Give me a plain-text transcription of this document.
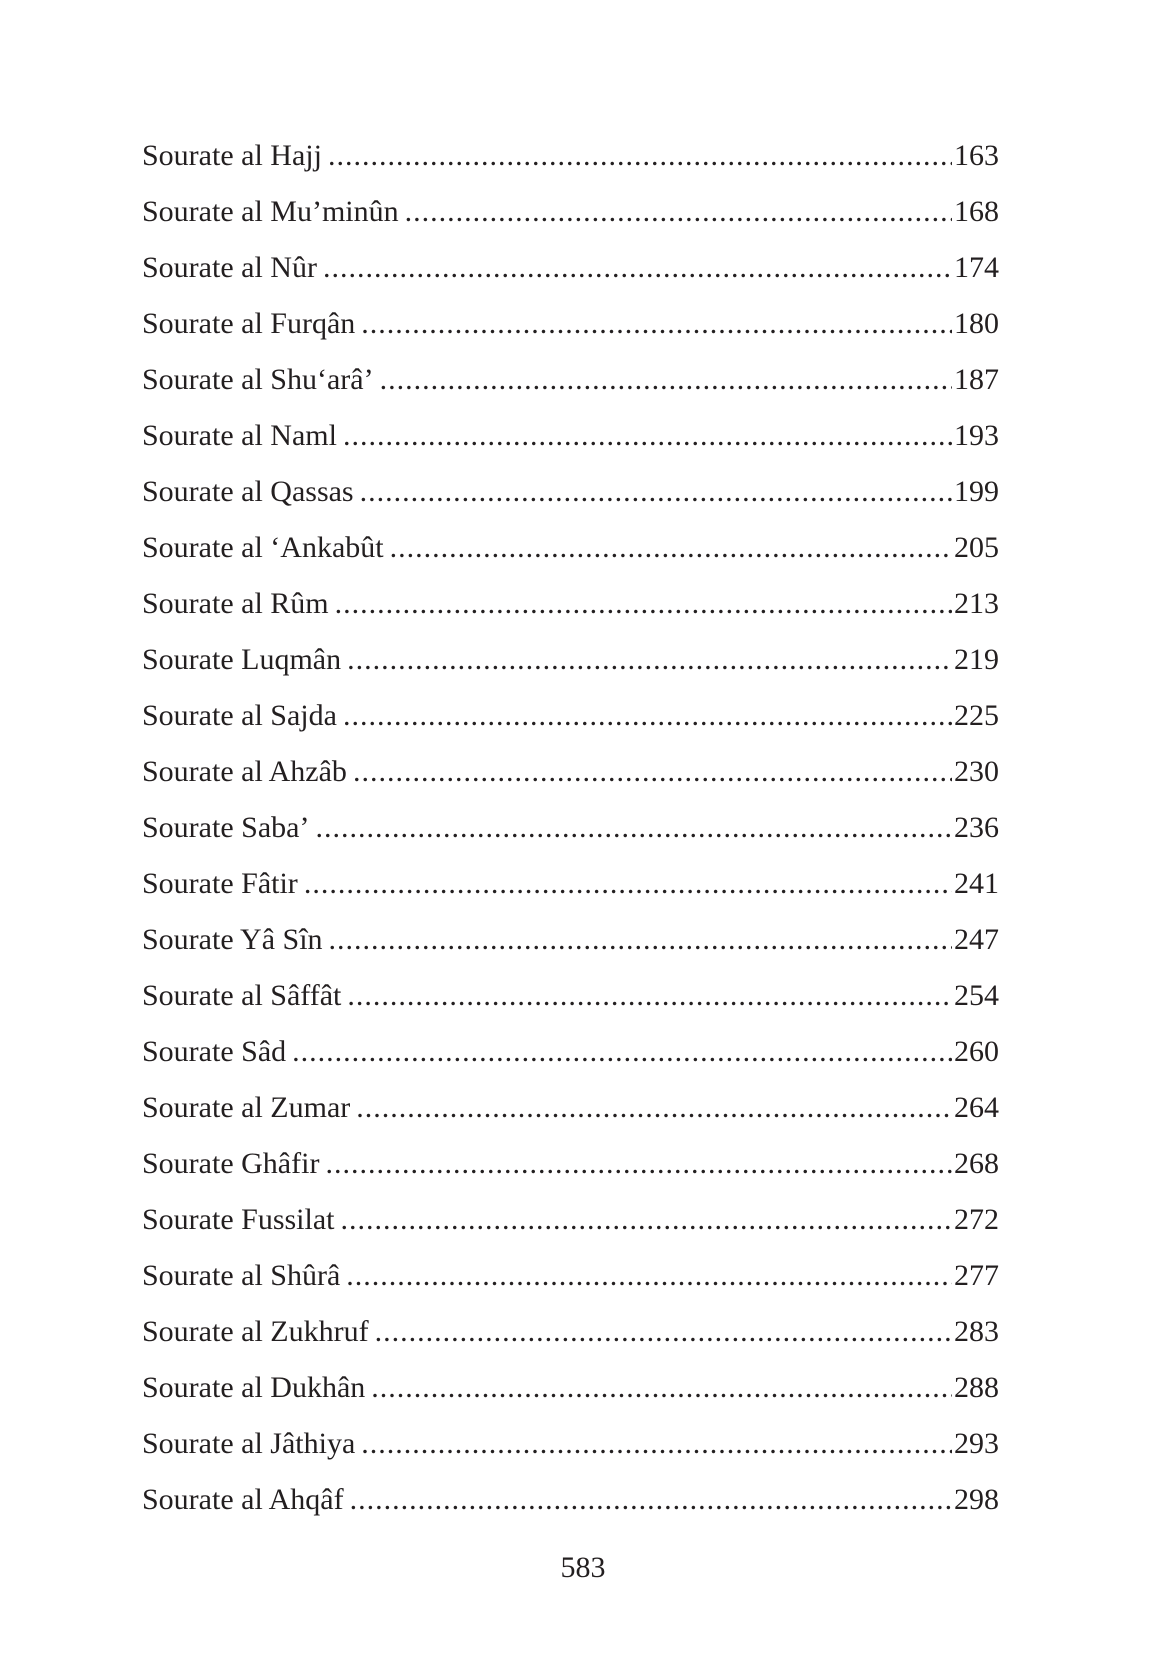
Sourate al Hajj .....	163
Sourate al Mu’minûn .....	168
Sourate al Nûr .....	174
Sourate al Furqân .....	180
Sourate al Shu‘arâ’ .....	187
Sourate al Naml .....	193
Sourate al Qassas .....	199
Sourate al ‘Ankabût .....	205
Sourate al Rûm .....	213
Sourate Luqmân .....	219
Sourate al Sajda .....	225
Sourate al Ahzâb .....	230
Sourate Saba’ .....	236
Sourate Fâtir .....	241
Sourate Yâ Sîn .....	247
Sourate al Sâffât .....	254
Sourate Sâd .....	260
Sourate al Zumar .....	264
Sourate Ghâfir .....	268
Sourate Fussilat .....	272
Sourate al Shûrâ .....	277
Sourate al Zukhruf .....	283
Sourate al Dukhân .....	288
Sourate al Jâthiya .....	293
Sourate al Ahqâf .....	298
583
